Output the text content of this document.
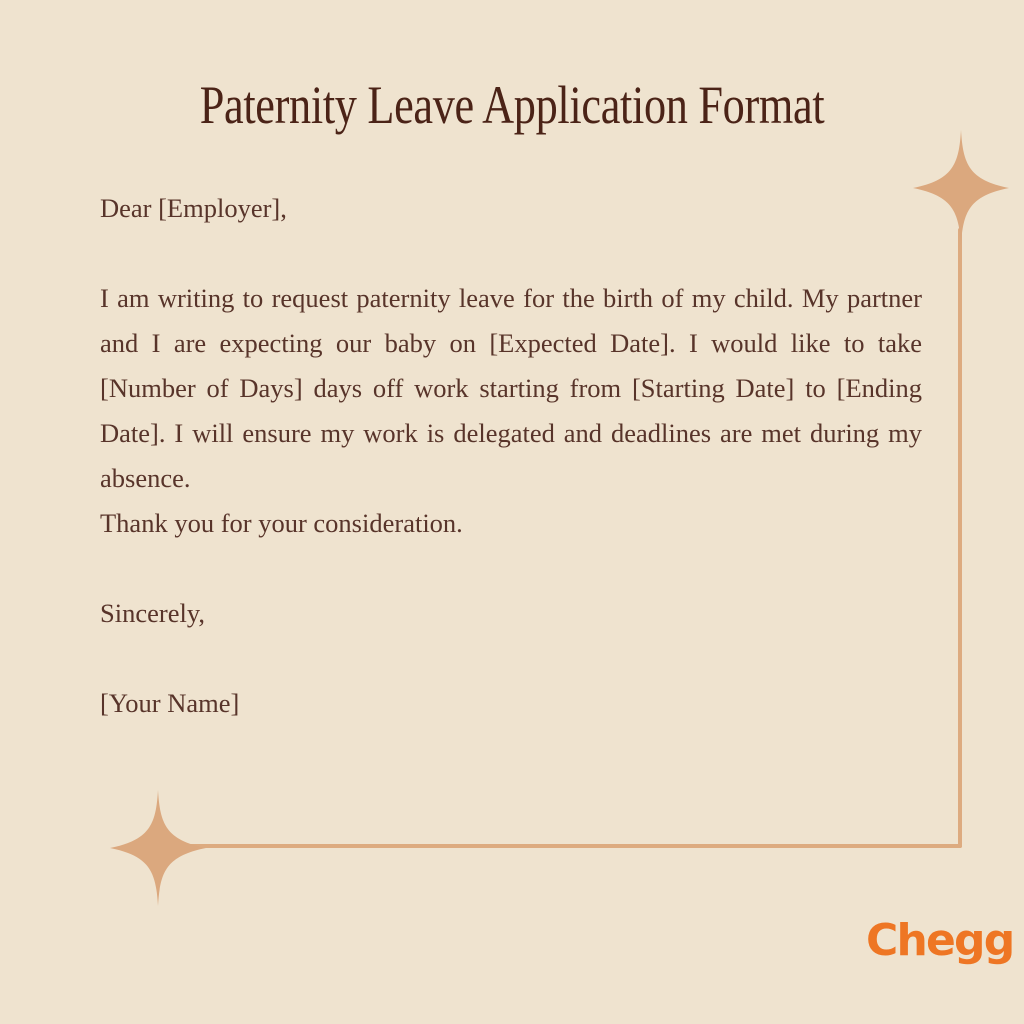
Paternity Leave Application Format

Dear [Employer],

I am writing to request paternity leave for the birth of my child. My partner and I are expecting our baby on [Expected Date]. I would like to take [Number of Days] days off work starting from [Starting Date] to [Ending Date]. I will ensure my work is delegated and deadlines are met during my absence.

Thank you for your consideration.

Sincerely,

[Your Name]

Chegg
